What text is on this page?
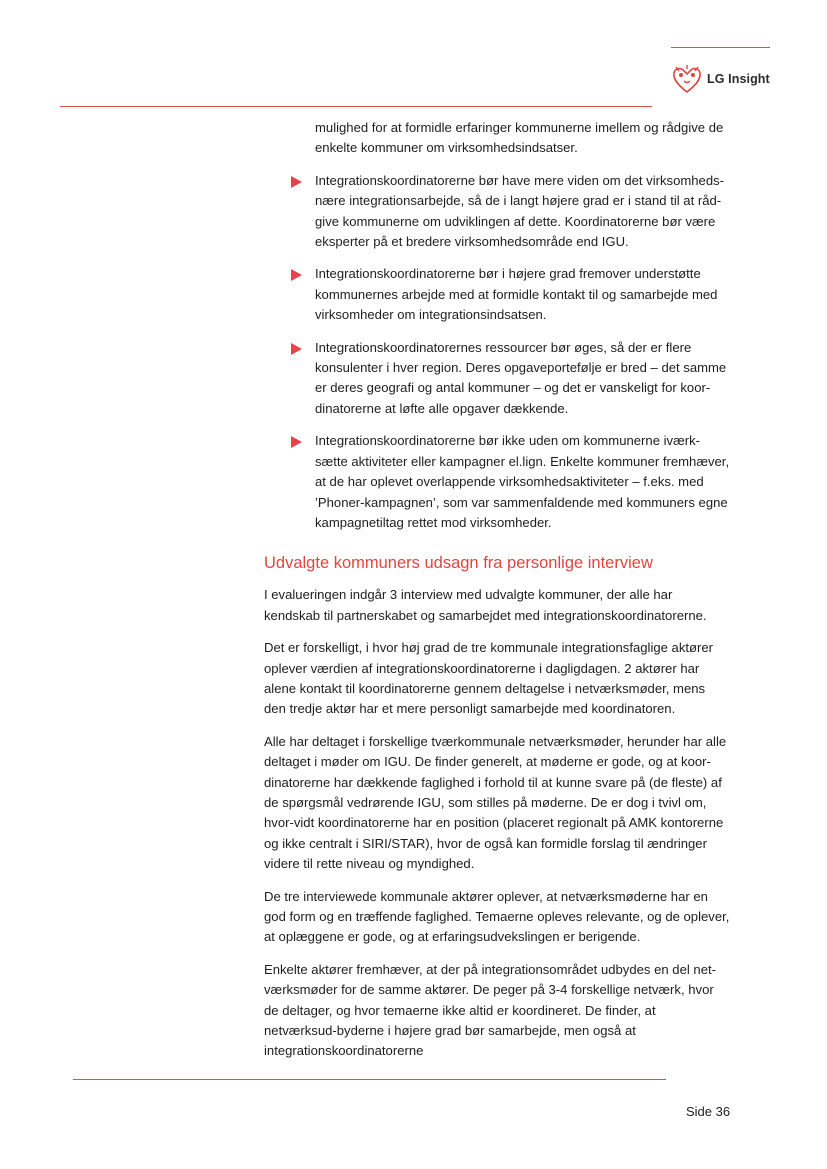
LG Insight

mulighed for at formidle erfaringer kommunerne imellem og rådgive de enkelte kommuner om virksomhedsindsatser.

Integrationskoordinatorerne bør have mere viden om det virksomheds-nære integrationsarbejde, så de i langt højere grad er i stand til at råd-give kommunerne om udviklingen af dette. Koordinatorerne bør være eksperter på et bredere virksomhedsområde end IGU.
Integrationskoordinatorerne bør i højere grad fremover understøtte kommunernes arbejde med at formidle kontakt til og samarbejde med virksomheder om integrationsindsatsen.
Integrationskoordinatorernes ressourcer bør øges, så der er flere konsulenter i hver region. Deres opgaveportefølje er bred – det samme er deres geografi og antal kommuner – og det er vanskeligt for koor-dinatorerne at løfte alle opgaver dækkende.
Integrationskoordinatorerne bør ikke uden om kommunerne iværk-sætte aktiviteter eller kampagner el.lign. Enkelte kommuner fremhæver, at de har oplevet overlappende virksomhedsaktiviteter – f.eks. med ’Phoner-kampagnen’, som var sammenfaldende med kommuners egne kampagnetiltag rettet mod virksomheder.
Udvalgte kommuners udsagn fra personlige interview

I evalueringen indgår 3 interview med udvalgte kommuner, der alle har kendskab til partnerskabet og samarbejdet med integrationskoordinatorerne.

Det er forskelligt, i hvor høj grad de tre kommunale integrationsfaglige aktører oplever værdien af integrationskoordinatorerne i dagligdagen. 2 aktører har alene kontakt til koordinatorerne gennem deltagelse i netværksmøder, mens den tredje aktør har et mere personligt samarbejde med koordinatoren.

Alle har deltaget i forskellige tværkommunale netværksmøder, herunder har alle deltaget i møder om IGU. De finder generelt, at møderne er gode, og at koor-dinatorerne har dækkende faglighed i forhold til at kunne svare på (de fleste) af de spørgsmål vedrørende IGU, som stilles på møderne. De er dog i tvivl om, hvor-vidt koordinatorerne har en position (placeret regionalt på AMK kontorerne og ikke centralt i SIRI/STAR), hvor de også kan formidle forslag til ændringer videre til rette niveau og myndighed.

De tre interviewede kommunale aktører oplever, at netværksmøderne har en god form og en træffende faglighed. Temaerne opleves relevante, og de oplever, at oplæggene er gode, og at erfaringsudvekslingen er berigende.

Enkelte aktører fremhæver, at der på integrationsområdet udbydes en del net-værksmøder for de samme aktører. De peger på 3-4 forskellige netværk, hvor de deltager, og hvor temaerne ikke altid er koordineret. De finder, at netværksud-byderne i højere grad bør samarbejde, men også at integrationskoordinatorerne

Side 36
